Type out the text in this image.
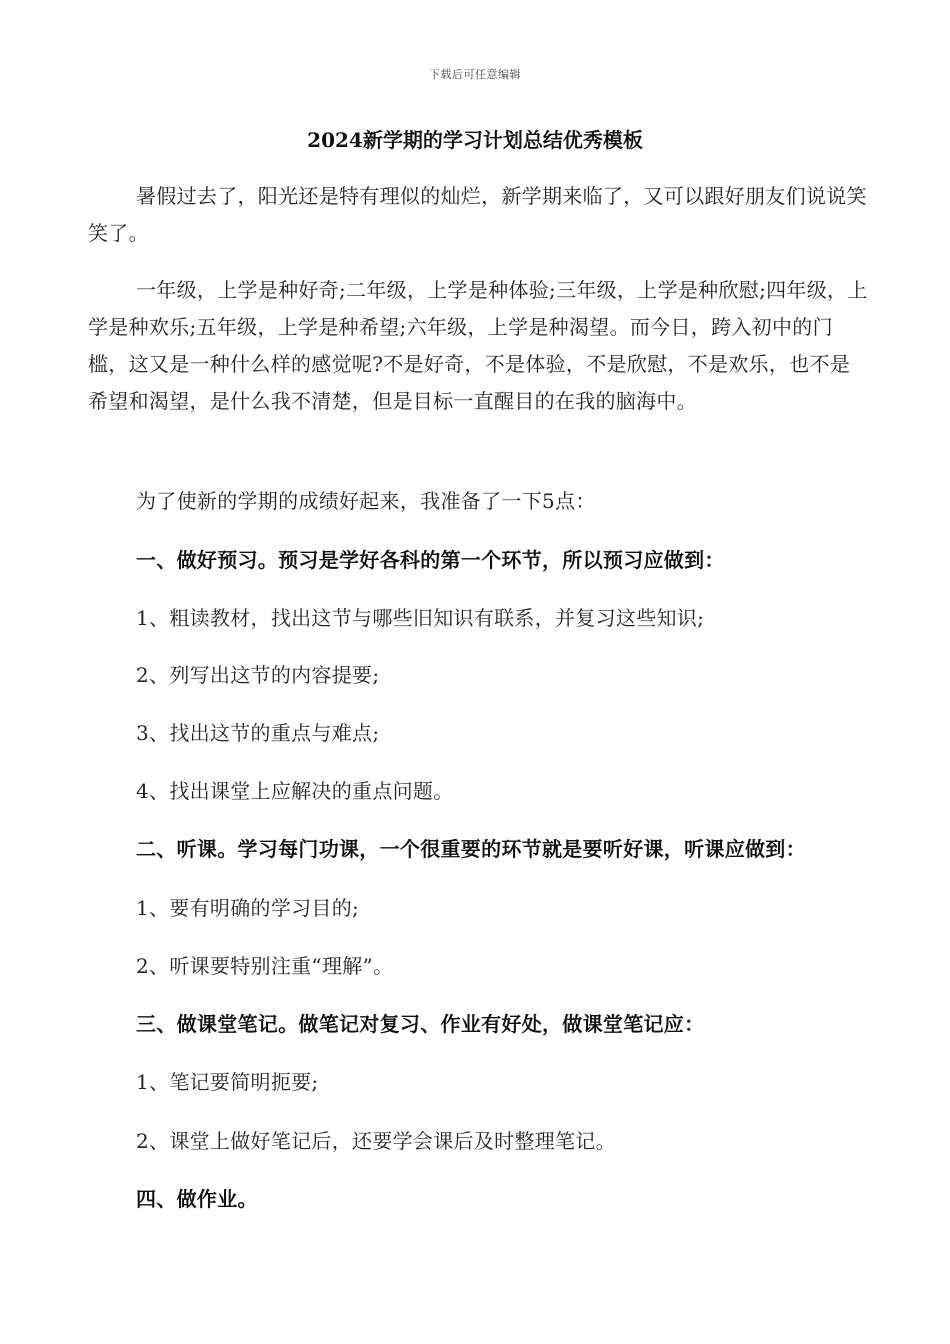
下载后可任意编辑
2024新学期的学习计划总结优秀模板

暑假过去了，阳光还是特有理似的灿烂，新学期来临了，又可以跟好朋友们说说笑笑了。

一年级，上学是种好奇;二年级，上学是种体验;三年级，上学是种欣慰;四年级，上学是种欢乐;五年级，上学是种希望;六年级，上学是种渴望。而今日，跨入初中的门槛，这又是一种什么样的感觉呢?不是好奇，不是体验，不是欣慰，不是欢乐，也不是希望和渴望，是什么我不清楚，但是目标一直醒目的在我的脑海中。

为了使新的学期的成绩好起来，我准备了一下5点：
一、做好预习。预习是学好各科的第一个环节，所以预习应做到：
1、粗读教材，找出这节与哪些旧知识有联系，并复习这些知识;
2、列写出这节的内容提要;
3、找出这节的重点与难点;
4、找出课堂上应解决的重点问题。
二、听课。学习每门功课，一个很重要的环节就是要听好课，听课应做到：
1、要有明确的学习目的;
2、听课要特别注重“理解”。
三、做课堂笔记。做笔记对复习、作业有好处，做课堂笔记应：
1、笔记要简明扼要;
2、课堂上做好笔记后，还要学会课后及时整理笔记。
四、做作业。
